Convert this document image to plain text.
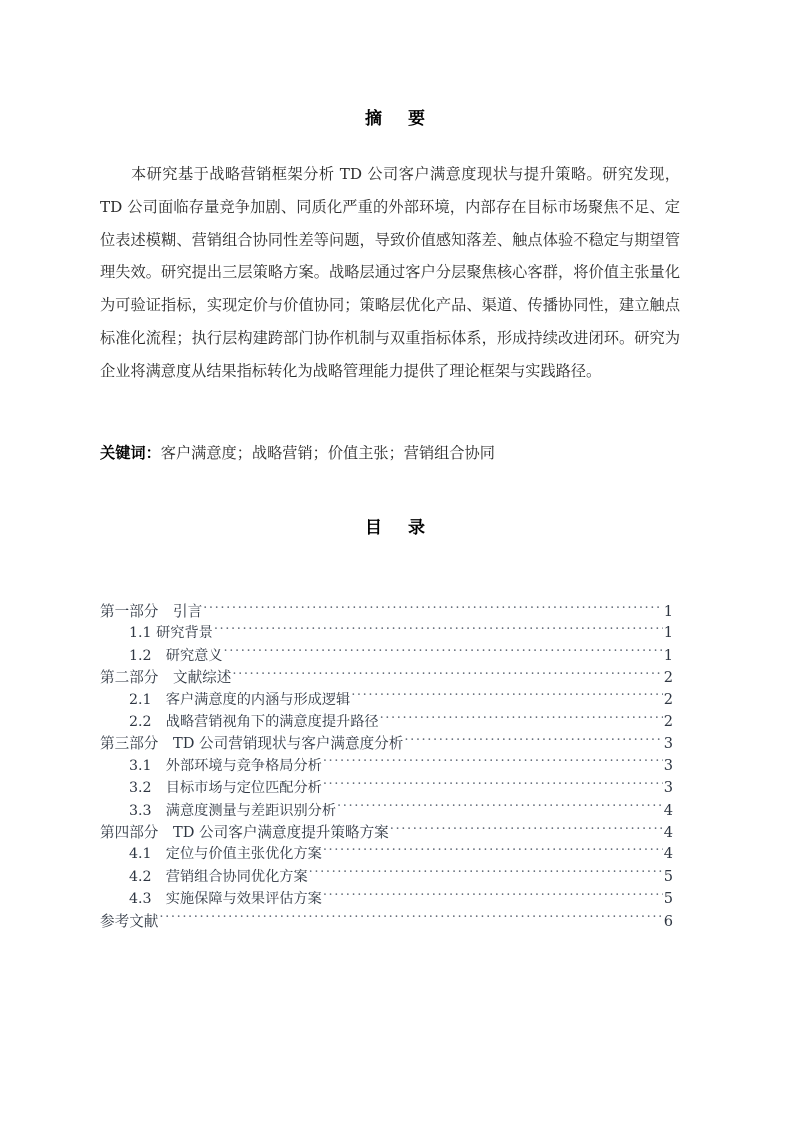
摘 要

本研究基于战略营销框架分析 TD 公司客户满意度现状与提升策略。研究发现，TD 公司面临存量竞争加剧、同质化严重的外部环境，内部存在目标市场聚焦不足、定位表述模糊、营销组合协同性差等问题，导致价值感知落差、触点体验不稳定与期望管理失效。研究提出三层策略方案。战略层通过客户分层聚焦核心客群，将价值主张量化为可验证指标，实现定价与价值协同；策略层优化产品、渠道、传播协同性，建立触点标准化流程；执行层构建跨部门协作机制与双重指标体系，形成持续改进闭环。研究为企业将满意度从结果指标转化为战略管理能力提供了理论框架与实践路径。

关键词：客户满意度；战略营销；价值主张；营销组合协同

目 录
第一部分　引言 .....	1
1.1 研究背景 .....	1
1.2　研究意义 .....	1
第二部分　文献综述 .....	2
2.1　客户满意度的内涵与形成逻辑 .....	2
2.2　战略营销视角下的满意度提升路径 .....	2
第三部分　TD 公司营销现状与客户满意度分析 .....	3
3.1　外部环境与竞争格局分析 .....	3
3.2　目标市场与定位匹配分析 .....	3
3.3　满意度测量与差距识别分析 .....	4
第四部分　TD 公司客户满意度提升策略方案 .....	4
4.1　定位与价值主张优化方案 .....	4
4.2　营销组合协同优化方案 .....	5
4.3　实施保障与效果评估方案 .....	5
参考文献 .....	6
